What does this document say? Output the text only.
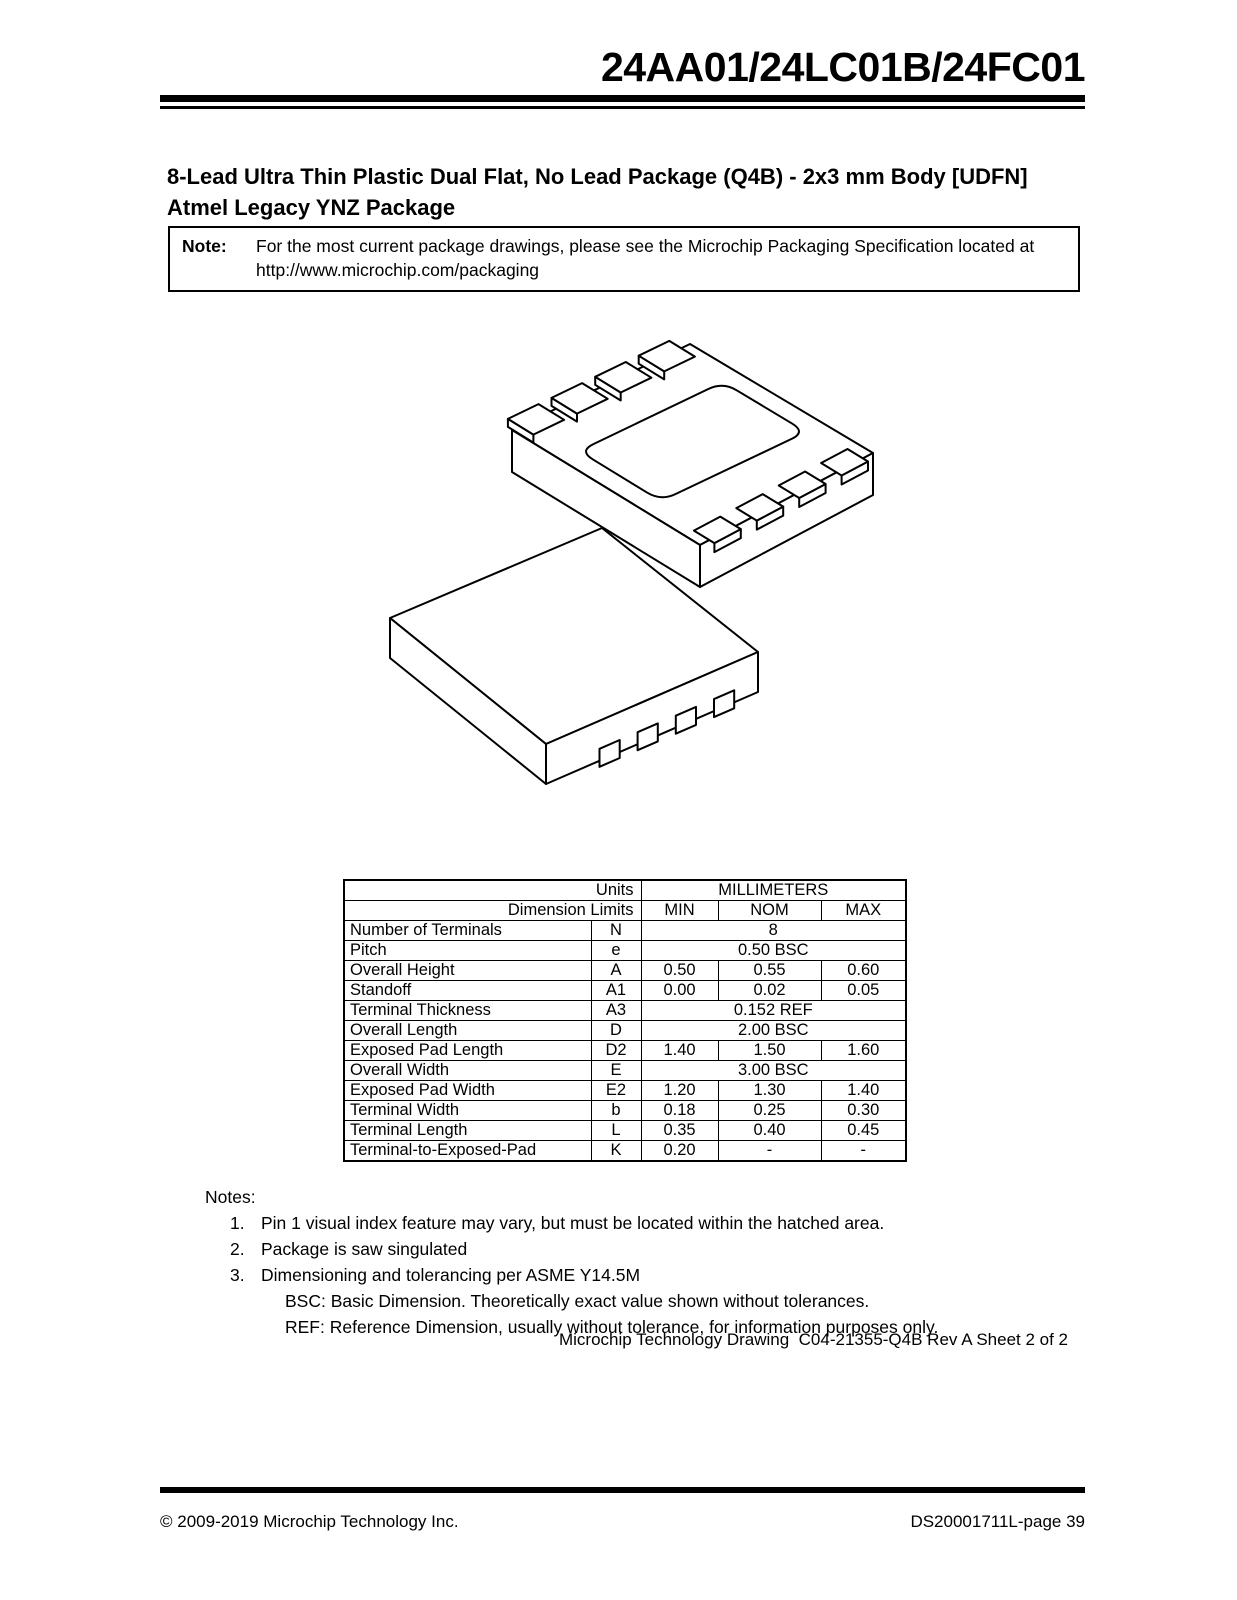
24AA01/24LC01B/24FC01
8-Lead Ultra Thin Plastic Dual Flat, No Lead Package (Q4B) - 2x3 mm Body [UDFN]
Atmel Legacy YNZ Package
Note:	For the most current package drawings, please see the Microchip Packaging Specification located at
http://www.microchip.com/packaging
Units		MILLIMETERS		
Dimension Limits		MIN	NOM	MAX
Number of Terminals	N	8		
Pitch	e	0.50 BSC		
Overall Height	A	0.50	0.55	0.60
Standoff	A1	0.00	0.02	0.05
Terminal Thickness	A3	0.152 REF		
Overall Length	D	2.00 BSC		
Exposed Pad Length	D2	1.40	1.50	1.60
Overall Width	E	3.00 BSC		
Exposed Pad Width	E2	1.20	1.30	1.40
Terminal Width	b	0.18	0.25	0.30
Terminal Length	L	0.35	0.40	0.45
Terminal-to-Exposed-Pad	K	0.20	-	-
Notes:
1. Pin 1 visual index feature may vary, but must be located within the hatched area.
2. Package is saw singulated
3. Dimensioning and tolerancing per ASME Y14.5M
BSC: Basic Dimension. Theoretically exact value shown without tolerances.
REF: Reference Dimension, usually without tolerance, for information purposes only.
Microchip Technology Drawing  C04-21355-Q4B Rev A Sheet 2 of 2
© 2009-2019 Microchip Technology Inc.	DS20001711L-page 39
